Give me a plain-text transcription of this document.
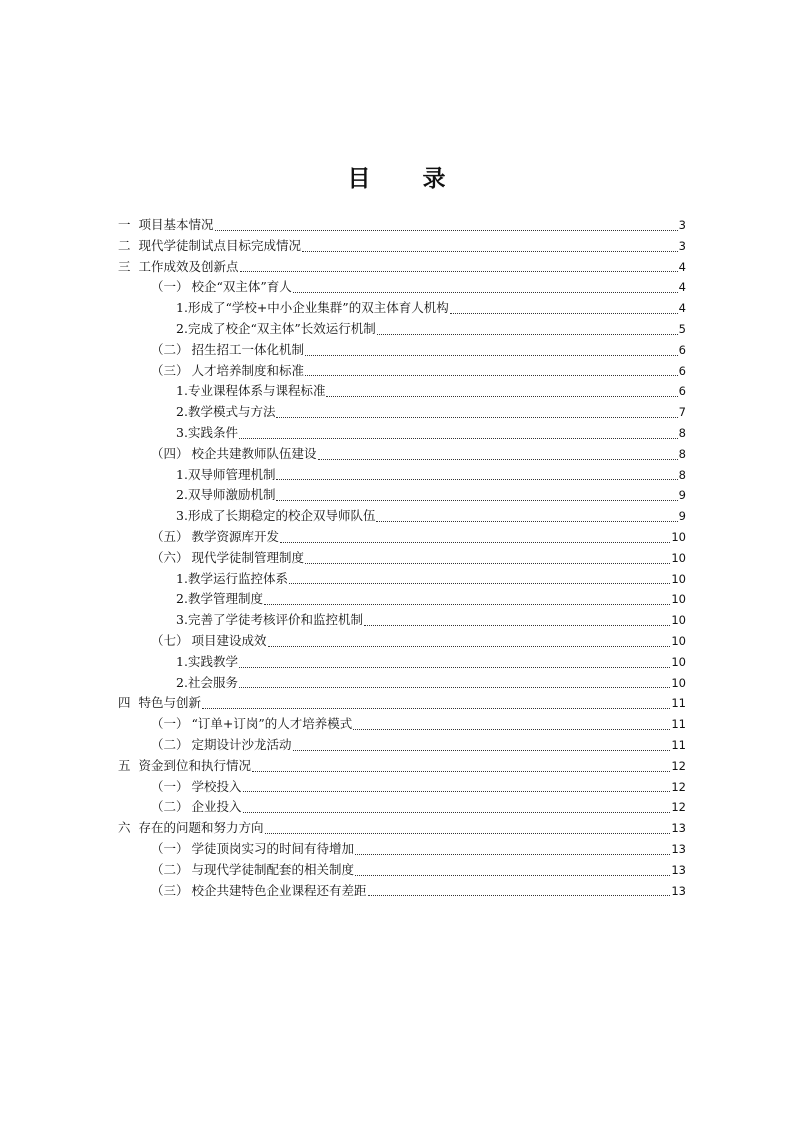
目 录
一 项目基本情况	3
二 现代学徒制试点目标完成情况	3
三 工作成效及创新点	4
（一） 校企“双主体”育人	4
1. 形成了“学校+中小企业集群”的双主体育人机构	4
2. 完成了校企“双主体”长效运行机制	5
（二） 招生招工一体化机制	6
（三） 人才培养制度和标准	6
1. 专业课程体系与课程标准	6
2. 教学模式与方法	7
3. 实践条件	8
（四） 校企共建教师队伍建设	8
1. 双导师管理机制	8
2. 双导师激励机制	9
3. 形成了长期稳定的校企双导师队伍	9
（五） 教学资源库开发	10
（六） 现代学徒制管理制度	10
1. 教学运行监控体系	10
2. 教学管理制度	10
3. 完善了学徒考核评价和监控机制	10
（七） 项目建设成效	10
1. 实践教学	10
2. 社会服务	10
四 特色与创新	11
（一） “订单+订岗”的人才培养模式	11
（二） 定期设计沙龙活动	11
五 资金到位和执行情况	12
（一） 学校投入	12
（二） 企业投入	12
六 存在的问题和努力方向	13
（一） 学徒顶岗实习的时间有待增加	13
（二） 与现代学徒制配套的相关制度	13
（三） 校企共建特色企业课程还有差距	13
